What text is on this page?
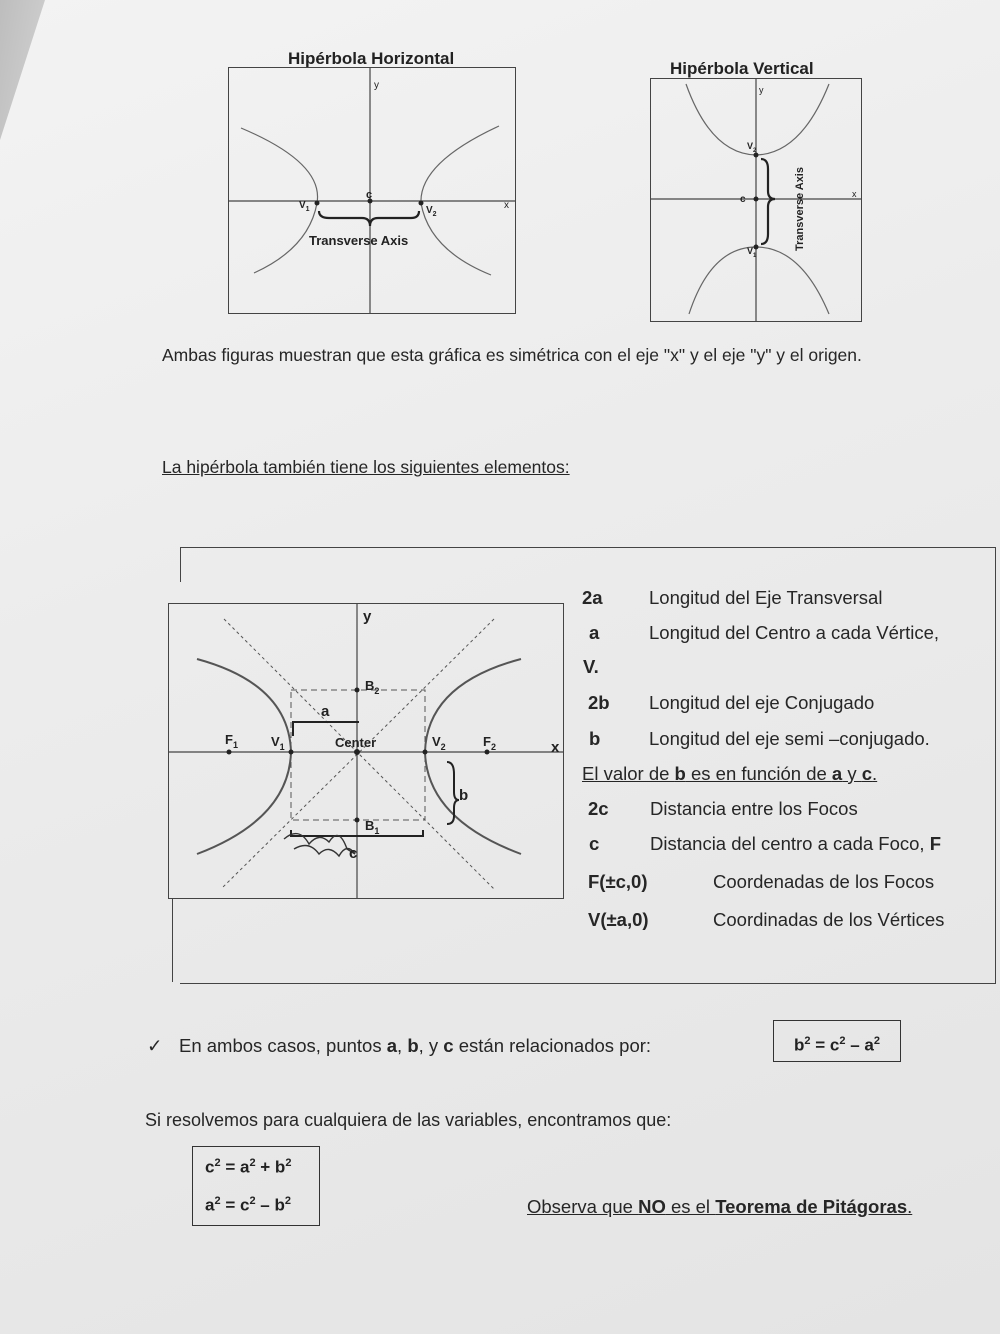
Hipérbola Horizontal
y
x
c
$V_1$	$V_2$
Transverse Axis
Hipérbola Vertical
y
x
c
$V_2$
$V_1$
Transverse Axis
Ambas figuras muestran que esta gráfica es simétrica con el eje "x" y el eje "y" y el origen.
La hipérbola también tiene los siguientes elementos:
y
x
$F_1$	$V_1$	Center	$V_2$	$F_2$
$B_2$
$B_1$
a
b
c
2a	Longitud del Eje Transversal
a	Longitud del Centro a cada Vértice,
V.
2b Longitud del eje Conjugado
b	Longitud del eje semi –conjugado.
El valor de b es en función de a y c.
2c Distancia entre los Focos
c	Distancia del centro a cada Foco, F
F(±c,0)	Coordenadas de los Focos
V(±a,0)	Coordinadas de los Vértices
✓ En ambos casos, puntos a, b, y c están relacionados por:	$b^2 = c^2 - a^2$
Si resolvemos para cualquiera de las variables, encontramos que:
$c^2 = a^2 + b^2$
$a^2 = c^2 - b^2$	Observa que NO es el Teorema de Pitágoras.
